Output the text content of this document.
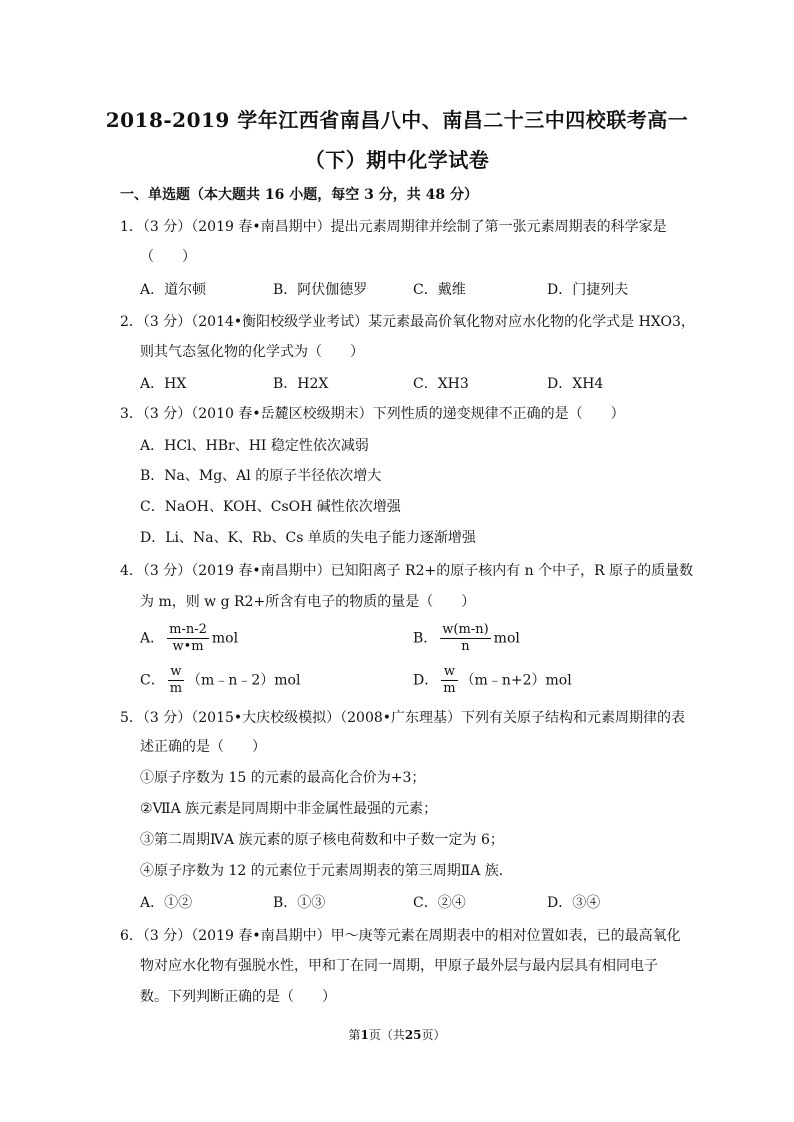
2018-2019 学年江西省南昌八中、南昌二十三中四校联考高一
（下）期中化学试卷
一、单选题（本大题共 16 小题，每空 3 分，共 48 分）
1．（3 分）（2019 春•南昌期中）提出元素周期律并绘制了第一张元素周期表的科学家是
（　　）
A．道尔顿	B．阿伏伽德罗	C．戴维	D．门捷列夫
2．（3 分）（2014•衡阳校级学业考试）某元素最高价氧化物对应水化物的化学式是 HXO3，
则其气态氢化物的化学式为（　　）
A．HX	B．H2X	C．XH3	D．XH4
3．（3 分）（2010 春•岳麓区校级期末）下列性质的递变规律不正确的是（　　）
A．HCl、HBr、HI 稳定性依次减弱
B．Na、Mg、Al 的原子半径依次增大
C．NaOH、KOH、CsOH 碱性依次增强
D．Li、Na、K、Rb、Cs 单质的失电子能力逐渐增强
4．（3 分）（2019 春•南昌期中）已知阳离子 R2+的原子核内有 n 个中子，R 原子的质量数
为 m，则 w g R2+所含有电子的物质的量是（　　）
A． $\frac{m-n-2}{w•m}$ mol	B． $\frac{w(m-n)}{n}$ mol
C． $\frac{w}{m}$ （m﹣n﹣2）mol	D． $\frac{w}{m}$ （m﹣n+2）mol
5．（3 分）（2015•大庆校级模拟）（2008•广东理基）下列有关原子结构和元素周期律的表
述正确的是（　　）
①原子序数为 15 的元素的最高化合价为+3；
②ⅦA 族元素是同周期中非金属性最强的元素；
③第二周期ⅣA 族元素的原子核电荷数和中子数一定为 6；
④原子序数为 12 的元素位于元素周期表的第三周期ⅡA 族.
A．①②	B．①③	C．②④	D．③④
6．（3 分）（2019 春•南昌期中）甲～庚等元素在周期表中的相对位置如表，已的最高氧化
物对应水化物有强脱水性，甲和丁在同一周期，甲原子最外层与最内层具有相同电子
数。下列判断正确的是（　　）
第1页（共25页）
